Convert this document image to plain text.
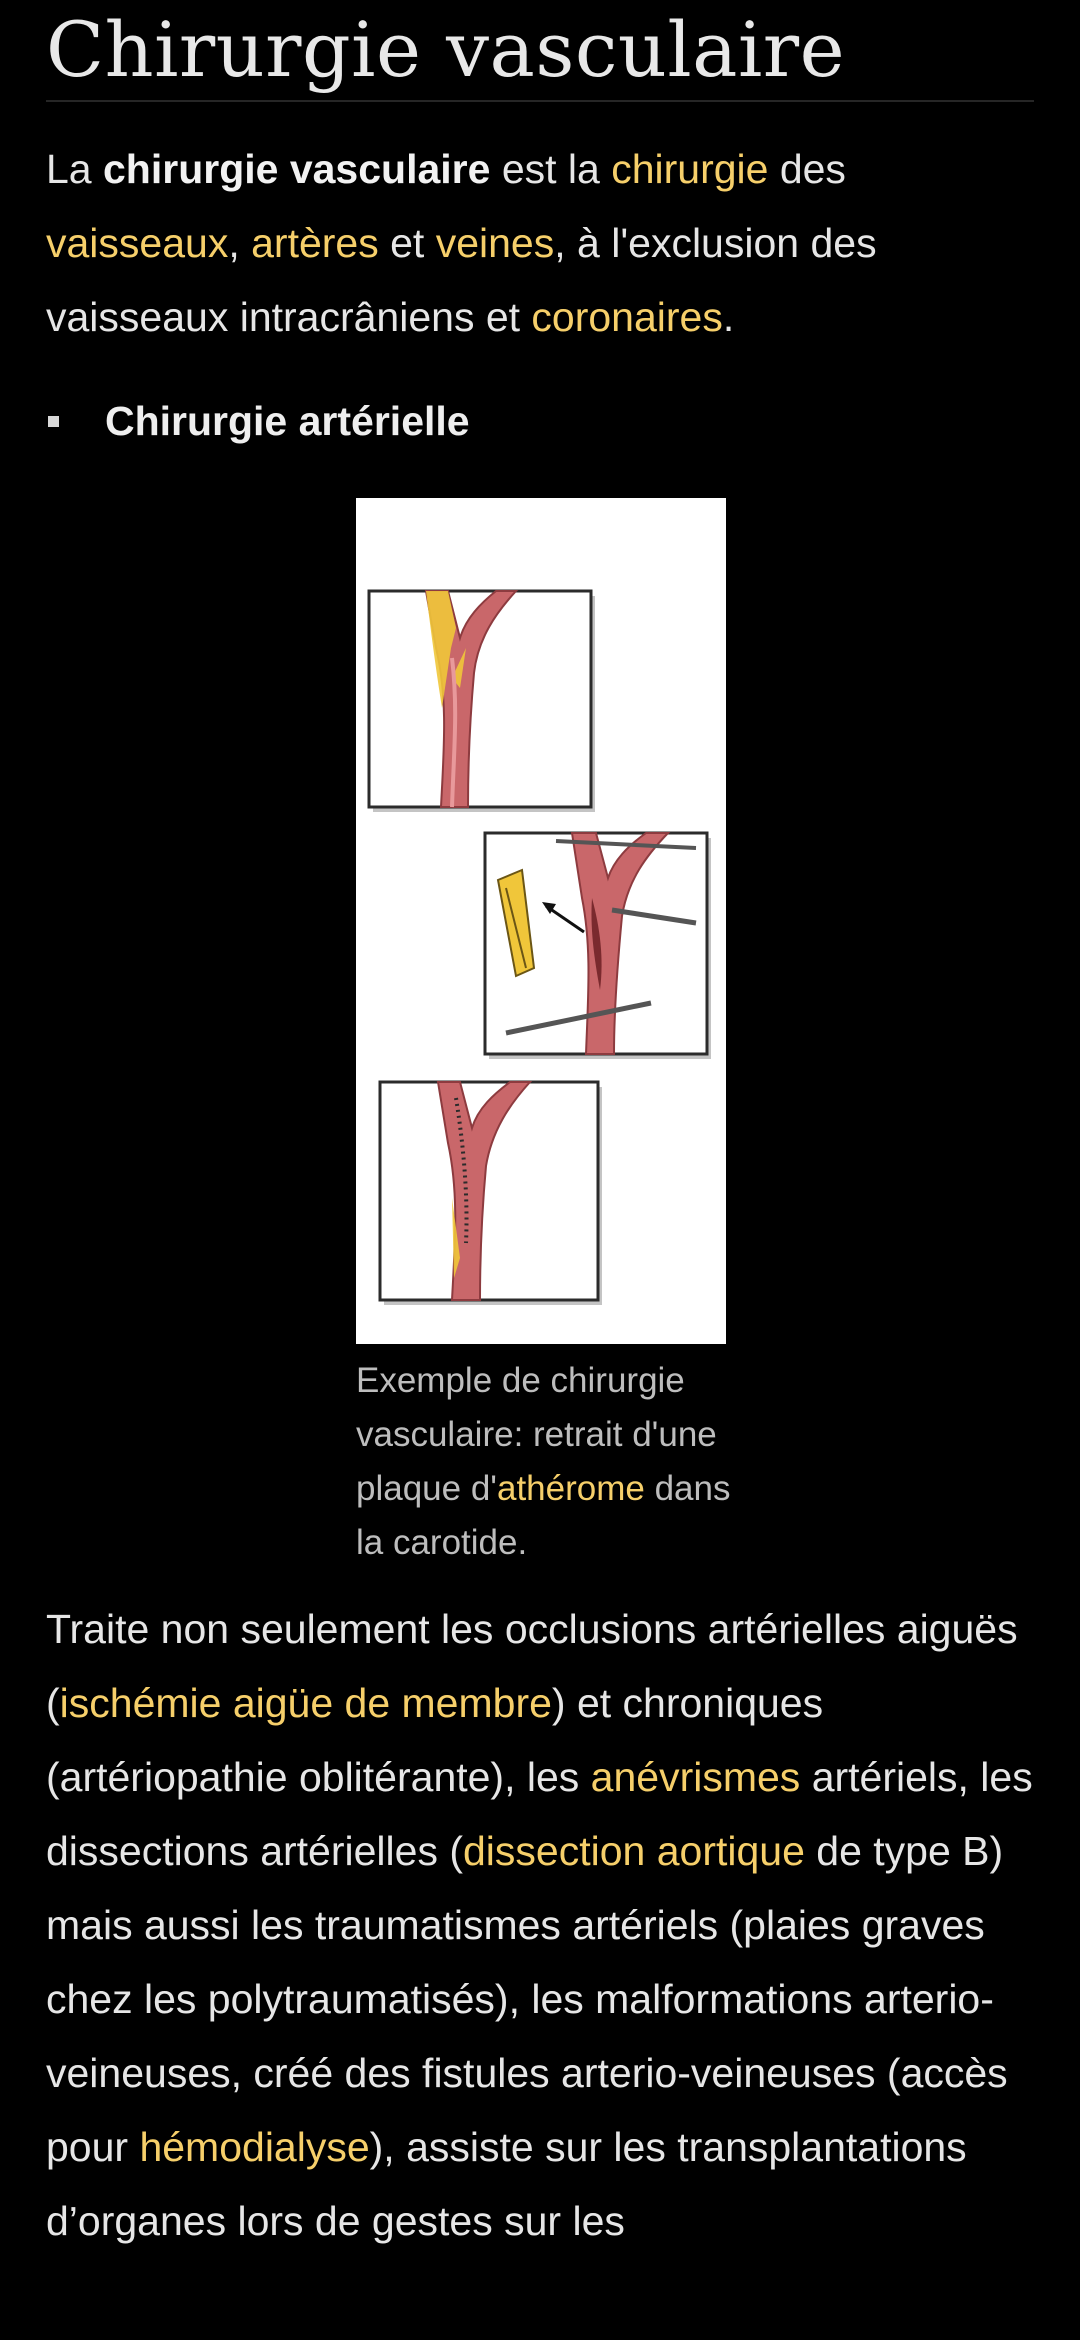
Chirurgie vasculaire

La chirurgie vasculaire est la chirurgie des vaisseaux, artères et veines, à l'exclusion des vaisseaux intracrâniens et coronaires.

Chirurgie artérielle
Exemple de chirurgie vasculaire: retrait d'une plaque d'athérome dans la carotide.

Traite non seulement les occlusions artérielles aiguës (ischémie aigüe de membre) et chroniques (artériopathie oblitérante), les anévrismes artériels, les dissections artérielles (dissection aortique de type B) mais aussi les traumatismes artériels (plaies graves chez les polytraumatisés), les malformations arterio-veineuses, créé des fistules arterio-veineuses (accès pour hémodialyse), assiste sur les transplantations d’organes lors de gestes sur les
